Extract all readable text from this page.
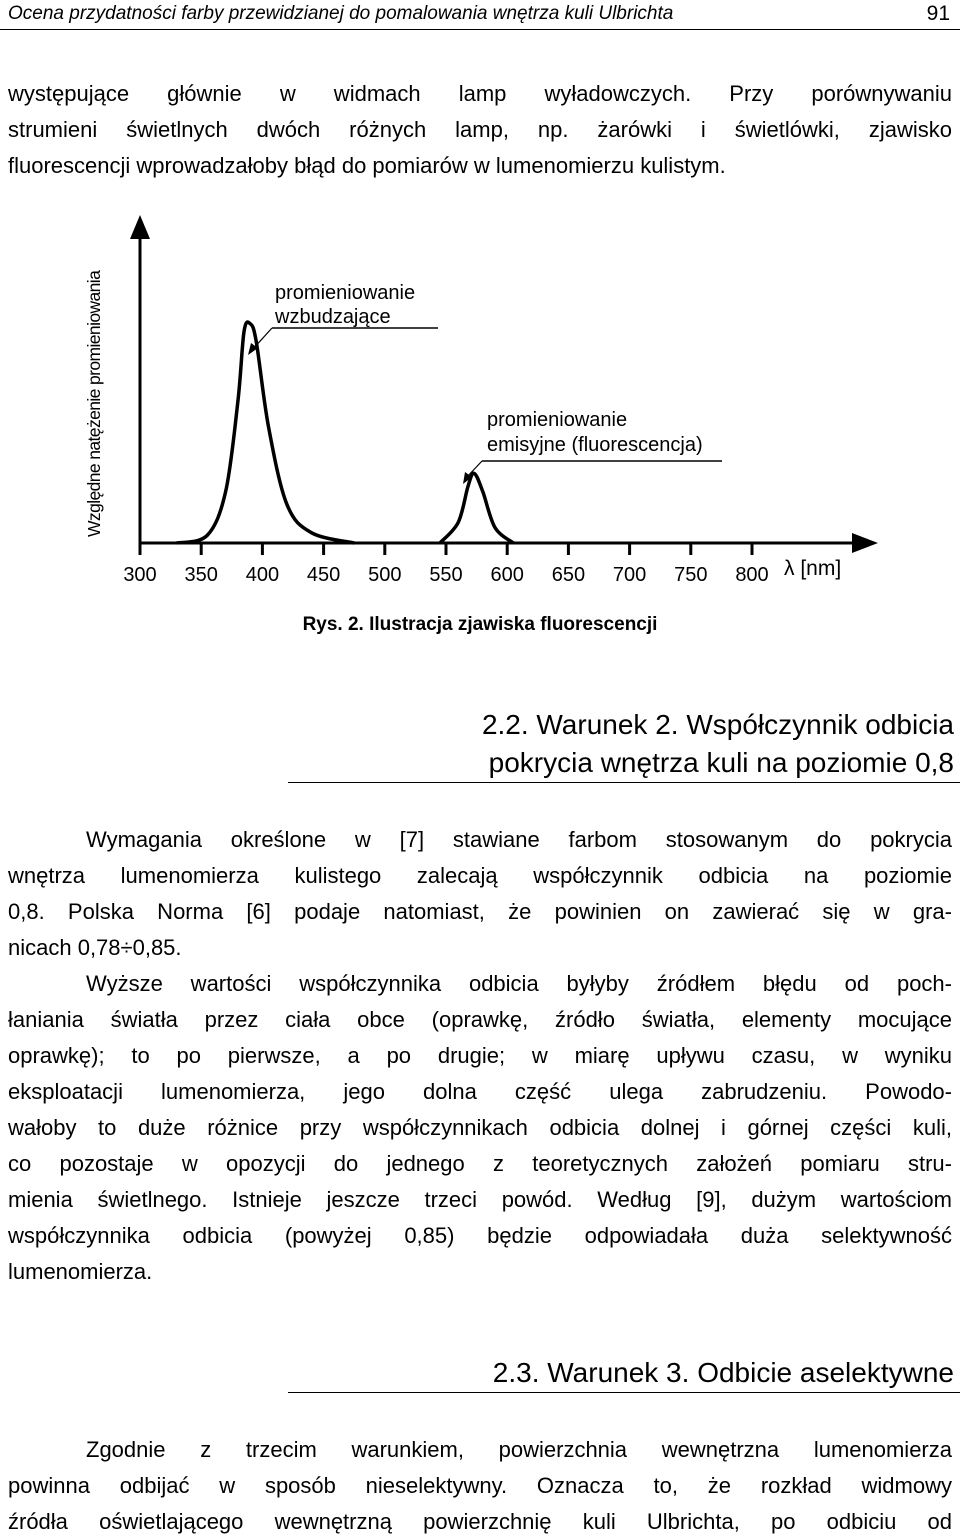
Ocena przydatności farby przewidzianej do pomalowania wnętrza kuli Ulbrichta	91

występujące głównie w widmach lamp wyładowczych. Przy porównywaniu

strumieni świetlnych dwóch różnych lamp, np. żarówki i świetlówki, zjawisko

fluorescencji wprowadzałoby błąd do pomiarów w lumenomierzu kulistym.

300 350 400 450 500 550 600 650 700 750 800 λ [nm]
Względne natężenie promieniowania	promieniowanie
wzbudzające
promieniowanie
emisyjne (fluorescencja)
Rys. 2. Ilustracja zjawiska fluorescencji
2.2. Warunek 2. Współczynnik odbicia
pokrycia wnętrza kuli na poziomie 0,8

Wymagania określone w [7] stawiane farbom stosowanym do pokrycia

wnętrza lumenomierza kulistego zalecają współczynnik odbicia na poziomie

0,8. Polska Norma [6] podaje natomiast, że powinien on zawierać się w gra-

nicach 0,78÷0,85.

Wyższe wartości współczynnika odbicia byłyby źródłem błędu od poch-

łaniania światła przez ciała obce (oprawkę, źródło światła, elementy mocujące

oprawkę); to po pierwsze, a po drugie; w miarę upływu czasu, w wyniku

eksploatacji lumenomierza, jego dolna część ulega zabrudzeniu. Powodo-

wałoby to duże różnice przy współczynnikach odbicia dolnej i górnej części kuli,

co pozostaje w opozycji do jednego z teoretycznych założeń pomiaru stru-

mienia świetlnego. Istnieje jeszcze trzeci powód. Według [9], dużym wartościom

współczynnika odbicia (powyżej 0,85) będzie odpowiadała duża selektywność

lumenomierza.

2.3. Warunek 3. Odbicie aselektywne

Zgodnie z trzecim warunkiem, powierzchnia wewnętrzna lumenomierza

powinna odbijać w sposób nieselektywny. Oznacza to, że rozkład widmowy

źródła oświetlającego wewnętrzną powierzchnię kuli Ulbrichta, po odbiciu od
